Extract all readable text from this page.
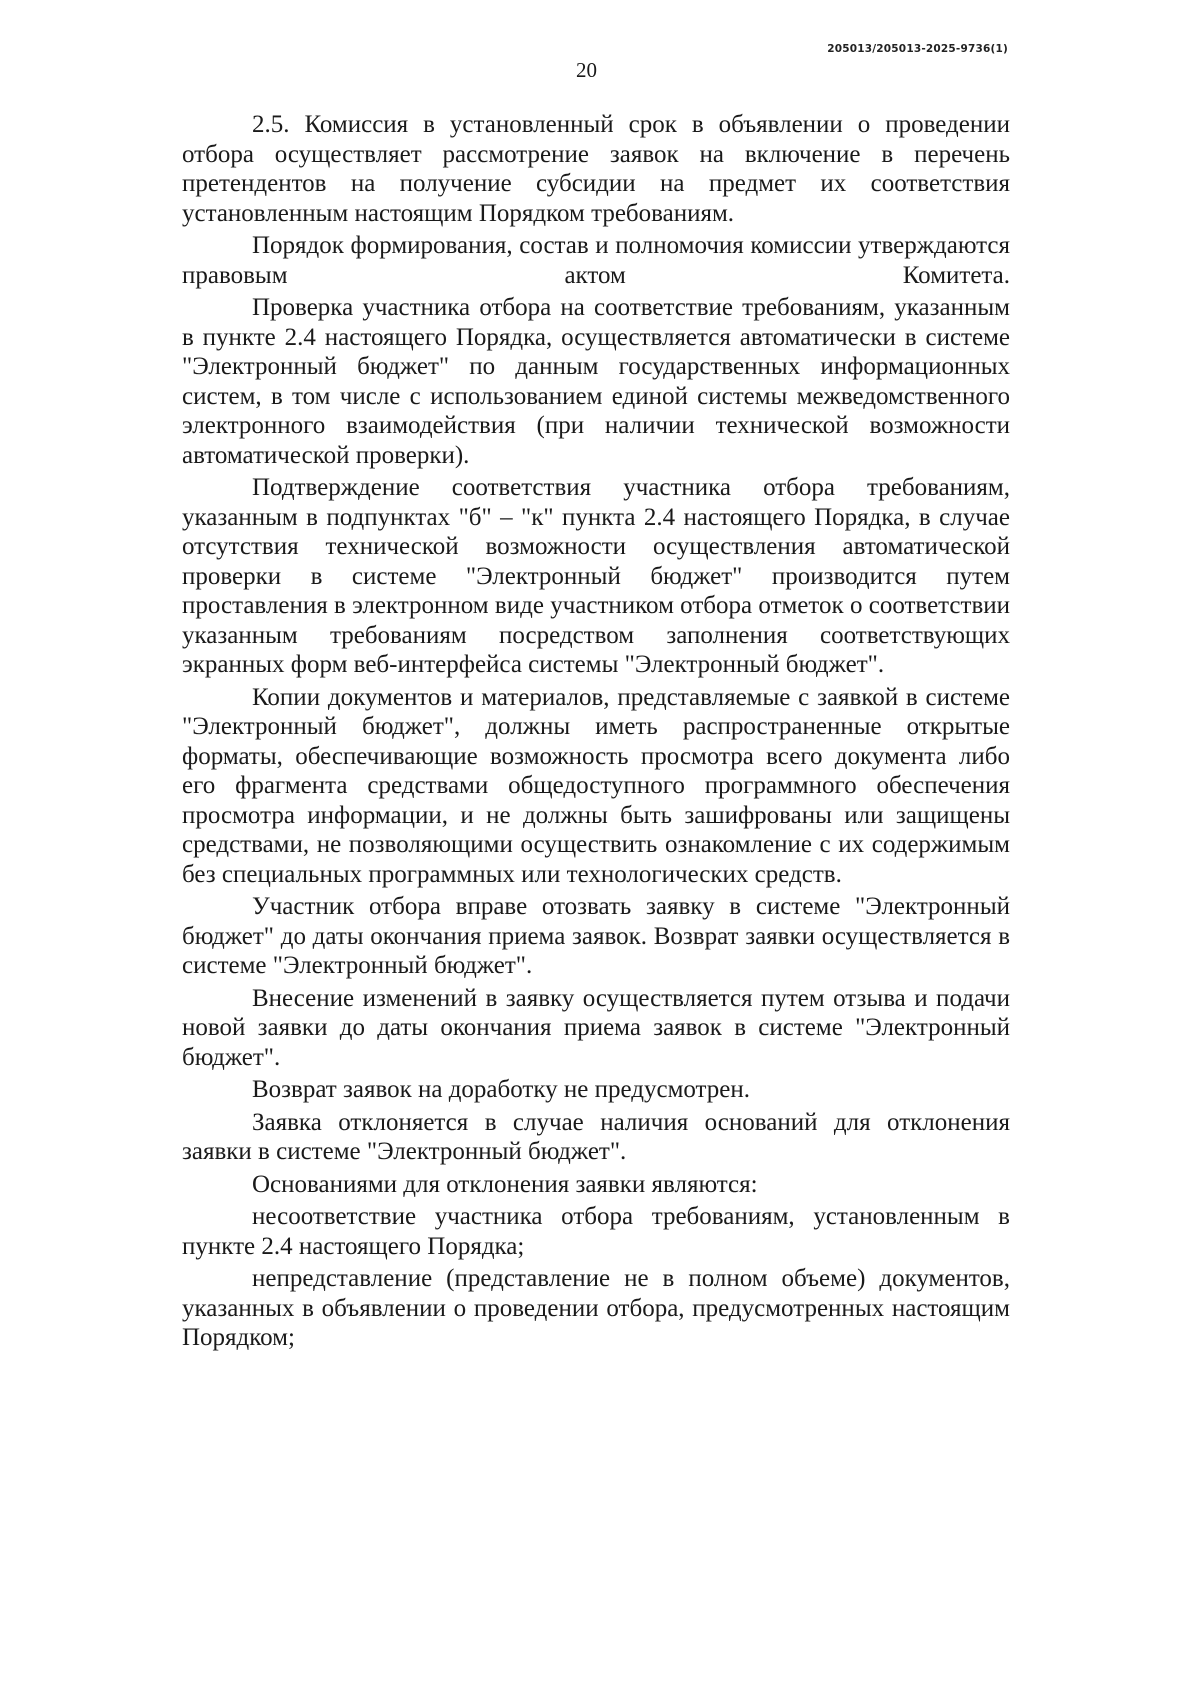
205013/205013-2025-9736(1)
20

2.5. Комиссия в установленный срок в объявлении о проведении отбора осуществляет рассмотрение заявок на включение в перечень претендентов на получение субсидии на предмет их соответствия установленным настоящим Порядком требованиям.

Порядок формирования, состав и полномочия комиссии утверждаются правовым актом Комитета.

Проверка участника отбора на соответствие требованиям, указанным в пункте 2.4 настоящего Порядка, осуществляется автоматически в системе "Электронный бюджет" по данным государственных информационных систем, в том числе с использованием единой системы межведомственного электронного взаимодействия (при наличии технической возможности автоматической проверки).

Подтверждение соответствия участника отбора требованиям, указанным в подпунктах "б" – "к" пункта 2.4 настоящего Порядка, в случае отсутствия технической возможности осуществления автоматической проверки в системе "Электронный бюджет" производится путем проставления в электронном виде участником отбора отметок о соответствии указанным требованиям посредством заполнения соответствующих экранных форм веб-интерфейса системы "Электронный бюджет".

Копии документов и материалов, представляемые с заявкой в системе "Электронный бюджет", должны иметь распространенные открытые форматы, обеспечивающие возможность просмотра всего документа либо его фрагмента средствами общедоступного программного обеспечения просмотра информации, и не должны быть зашифрованы или защищены средствами, не позволяющими осуществить ознакомление с их содержимым без специальных программных или технологических средств.

Участник отбора вправе отозвать заявку в системе "Электронный бюджет" до даты окончания приема заявок. Возврат заявки осуществляется в системе "Электронный бюджет".

Внесение изменений в заявку осуществляется путем отзыва и подачи новой заявки до даты окончания приема заявок в системе "Электронный бюджет".

Возврат заявок на доработку не предусмотрен.

Заявка отклоняется в случае наличия оснований для отклонения заявки в системе "Электронный бюджет".

Основаниями для отклонения заявки являются:

несоответствие участника отбора требованиям, установленным в пункте 2.4 настоящего Порядка;

непредставление (представление не в полном объеме) документов, указанных в объявлении о проведении отбора, предусмотренных настоящим Порядком;
